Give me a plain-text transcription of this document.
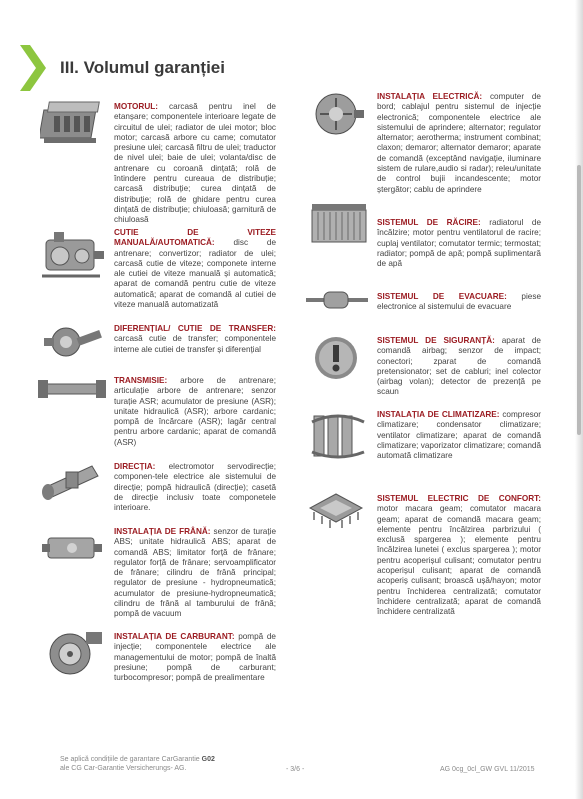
III. Volumul garanției
MOTORUL: carcasă pentru inel de etanșare; componentele interioare legate de circuitul de ulei; radiator de ulei motor; bloc motor; carcasă arbore cu came; comutator presiune ulei; carcasă filtru de ulei; traductor de nivel ulei; baie de ulei; volanta/disc de antrenare cu coroană dințată; rolă de întindere pentru cureaua de distribuție; carcasă distribuție; curea dințată de distribuție; rolă de ghidare pentru curea dințată de distribuție; chiuloasă; garnitură de chiuloasă
CUTIE DE VITEZE MANUALĂ/AUTOMATICĂ: disc de antrenare; convertizor; radiator de ulei; carcasă cutie de viteze; componete interne ale cutiei de viteze manuală și automatică; aparat de comandă pentru cutie de viteze automatică; aparat de comandă al cutiei de viteze manuală automatizată
DIFERENȚIAL/ CUTIE DE TRANSFER: carcasă cutie de transfer; componentele interne ale cutiei de transfer și diferențial
TRANSMISIE: arbore de antrenare; articulație arbore de antrenare; senzor turație ASR; acumulator de presiune (ASR); unitate hidraulică (ASR); arbore cardanic; pompă de încărcare (ASR); lagăr central pentru arbore cardanic; aparat de comandă (ASR)
DIRECȚIA: electromotor servodirecție; componen-tele electrice ale sistemului de direcție; pompă hidraulică (direcție); casetă de direcție inclusiv toate componetele interioare.
INSTALAȚIA DE FRÂNĂ: senzor de turație ABS; unitate hidraulică ABS; aparat de comandă ABS; limitator forță de frânare; regulator forță de frânare; servoamplificator de frânare; cilindru de frână principal; regulator de presiune - hydropneumatică; acumulator de presiune-hydropneumatică; cilindru de frână al tamburului de frână; pompă de vacuum
INSTALAȚIA DE CARBURANT: pompă de injecție; componentele electrice ale managementului de motor; pompă de înaltă presiune; pompă de carburant; turbocompresor; pompă de prealimentare
INSTALAȚIA ELECTRICĂ: computer de bord; cablajul pentru sistemul de injecție electronică; componentele electrice ale sistemului de aprindere; alternator; regulator alternator; aerotherma; instrument combinat; claxon; demaror; alternator demaror; aparate de comandă (exceptând navigație, iluminare sistem de rulare,audio si radar); releu/unitate de control bujii incandescente; motor ștergător; cablu de aprindere
SISTEMUL DE RĂCIRE: radiatorul de încălzire; motor pentru ventilatorul de racire; cuplaj ventilator; comutator termic; termostat; radiator; pompă de apă; pompă suplimentară de apă
SISTEMUL DE EVACUARE: piese electronice al sistemului de evacuare
SISTEMUL DE SIGURANȚĂ: aparat de comandă airbag; senzor de impact; conectori; zparat de comandă pretensionator; set de cabluri; inel colector (airbag volan); detector de prezență pe scaun
INSTALAȚIA DE CLIMATIZARE: compresor climatizare; condensator climatizare; ventilator climatizare; aparat de comandă climatizare; vaporizator climatizare; comandă automată climatizare
SISTEMUL ELECTRIC DE CONFORT: motor macara geam; comutator macara geam; aparat de comandă macara geam; elemente pentru încălzirea parbrizului ( exclusă spargerea ); elemente pentru încălzirea lunetei ( exclus spargerea ); motor pentru acoperișul culisant; comutator pentru acoperișul culisant; aparat de comandă acoperiș culisant; broască ușă/hayon; motor pentru închiderea centralizată; comutator închidere centralizată; aparat de comandă închidere centralizată
Se aplică condițiile de garantare CarGarantie G02
ale CG Car-Garantie Versicherungs- AG.	- 3/6 -	AG 0cg_0cl_GW GVL 11/2015
